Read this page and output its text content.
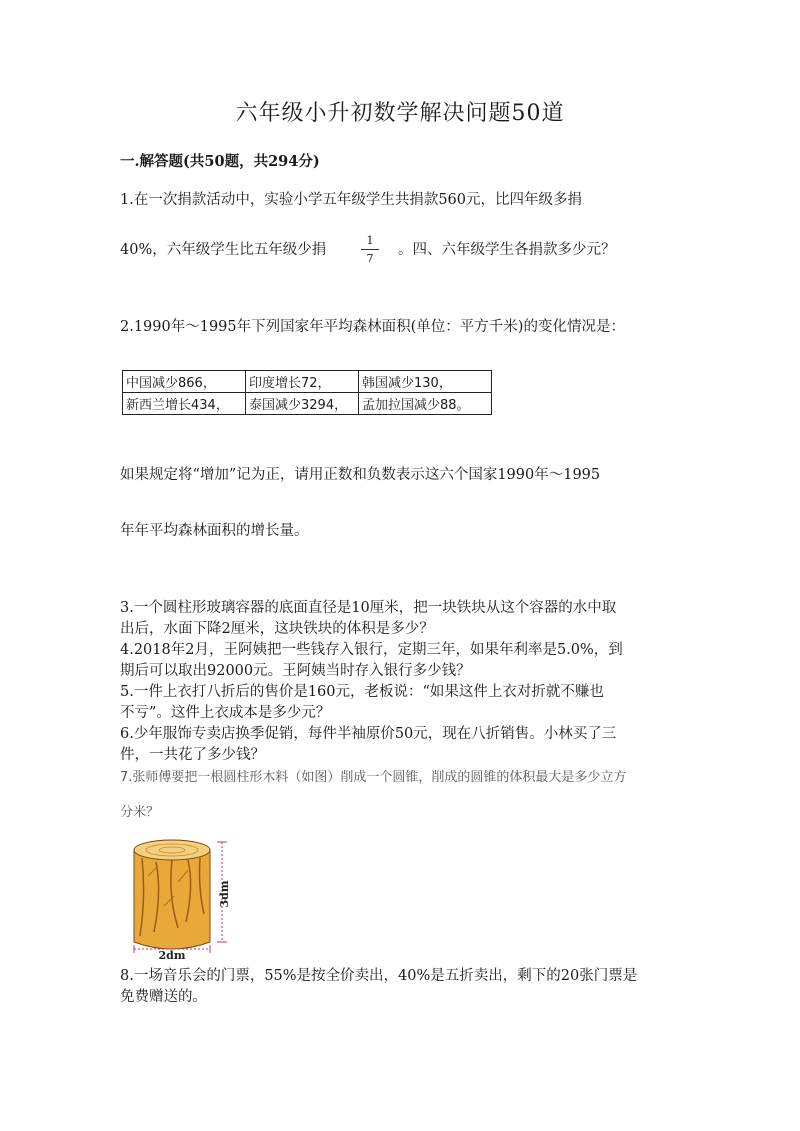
六年级小升初数学解决问题50道
一.解答题(共50题，共294分)
1.在一次捐款活动中，实验小学五年级学生共捐款560元，比四年级多捐
40%，六年级学生比五年级少捐
1
7
。四、六年级学生各捐款多少元？
2.1990年～1995年下列国家年平均森林面积(单位：平方千米)的变化情况是：
中国减少866，	印度增长72，	韩国减少130，
新西兰增长434，	泰国减少3294，	孟加拉国减少88。
如果规定将“增加”记为正，请用正数和负数表示这六个国家1990年～1995
年年平均森林面积的增长量。
3.一个圆柱形玻璃容器的底面直径是10厘米，把一块铁块从这个容器的水中取
出后，水面下降2厘米，这块铁块的体积是多少？
4.2018年2月，王阿姨把一些钱存入银行，定期三年，如果年利率是5.0%，到
期后可以取出92000元。王阿姨当时存入银行多少钱？
5.一件上衣打八折后的售价是160元，老板说：“如果这件上衣对折就不赚也
不亏”。这件上衣成本是多少元？
6.少年服饰专卖店换季促销，每件半袖原价50元，现在八折销售。小林买了三
件，一共花了多少钱？
7.张师傅要把一根圆柱形木料（如图）削成一个圆锥，削成的圆锥的体积最大是多少立方
分米？
3dm
2dm
8.一场音乐会的门票，55%是按全价卖出，40%是五折卖出，剩下的20张门票是
免费赠送的。
